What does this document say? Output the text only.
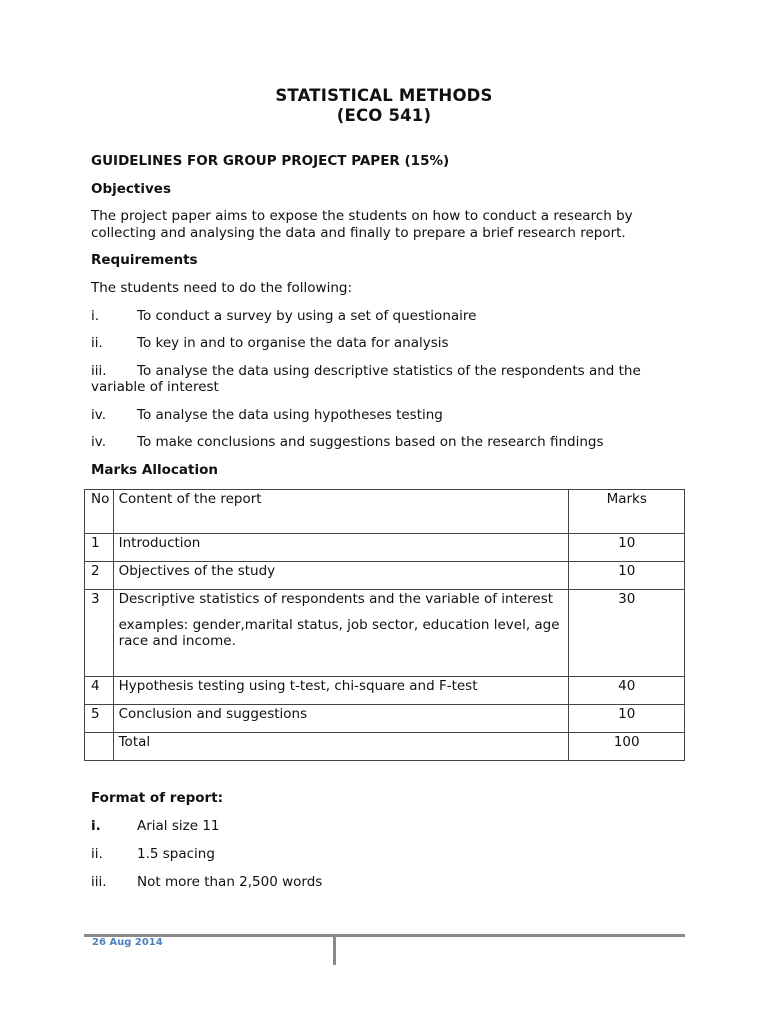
STATISTICAL METHODS
(ECO 541)
GUIDELINES FOR GROUP PROJECT PAPER (15%)
Objectives
The project paper aims to expose the students on how to conduct a research by collecting and analysing the data and finally to prepare a brief research report.
Requirements
The students need to do the following:
i.	To conduct a survey by using a set of questionaire
ii.	To key in and to organise the data for analysis
iii. To analyse the data using descriptive statistics of the respondents and the
variable of interest
iv. To analyse the data using hypotheses testing
iv. To make conclusions and suggestions based on the research findings
Marks Allocation
No	Content of the report	Marks
1	Introduction	10
2	Objectives of the study	10
3	Descriptive statistics of respondents and the variable of interest
examples: gender,marital status, job sector, education level, age race and income.	30
4	Hypothesis testing using t-test, chi-square and F-test	40
5	Conclusion and suggestions	10
	Total	100
Format of report:
i.	Arial size 11
ii.	1.5 spacing
iii. Not more than 2,500 words
26 Aug 2014
